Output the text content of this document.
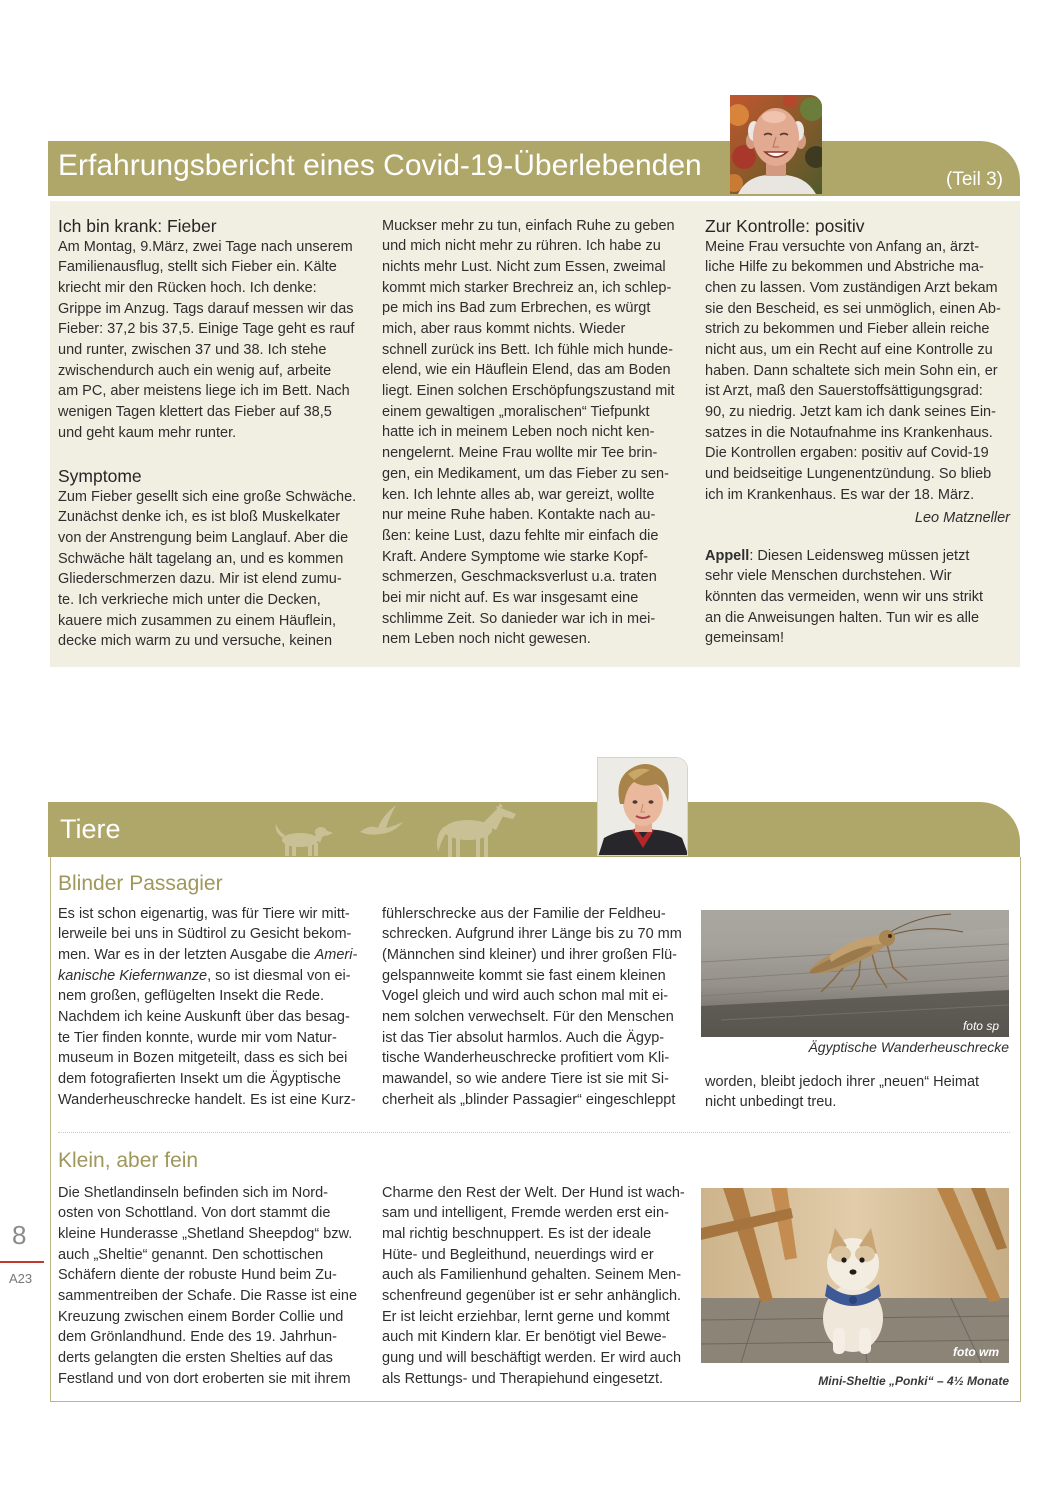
Erfahrungsbericht eines Covid-19-Überlebenden	(Teil 3)
Ich bin krank: Fieber
Am Montag, 9.März, zwei Tage nach unserem
Familienausflug, stellt sich Fieber ein. Kälte
kriecht mir den Rücken hoch. Ich denke:
Grippe im Anzug. Tags darauf messen wir das
Fieber: 37,2 bis 37,5. Einige Tage geht es rauf
und runter, zwischen 37 und 38. Ich stehe
zwischendurch auch ein wenig auf, arbeite
am PC, aber meistens liege ich im Bett. Nach
wenigen Tagen klettert das Fieber auf 38,5
und geht kaum mehr runter.
Symptome
Zum Fieber gesellt sich eine große Schwäche.
Zunächst denke ich, es ist bloß Muskelkater
von der Anstrengung beim Langlauf. Aber die
Schwäche hält tagelang an, und es kommen
Gliederschmerzen dazu. Mir ist elend zumu-
te. Ich verkrieche mich unter die Decken,
kauere mich zusammen zu einem Häuflein,
decke mich warm zu und versuche, keinen
Muckser mehr zu tun, einfach Ruhe zu geben
und mich nicht mehr zu rühren. Ich habe zu
nichts mehr Lust. Nicht zum Essen, zweimal
kommt mich starker Brechreiz an, ich schlep-
pe mich ins Bad zum Erbrechen, es würgt
mich, aber raus kommt nichts. Wieder
schnell zurück ins Bett. Ich fühle mich hunde-
elend, wie ein Häuflein Elend, das am Boden
liegt. Einen solchen Erschöpfungszustand mit
einem gewaltigen „moralischen“ Tiefpunkt
hatte ich in meinem Leben noch nicht ken-
nengelernt. Meine Frau wollte mir Tee brin-
gen, ein Medikament, um das Fieber zu sen-
ken. Ich lehnte alles ab, war gereizt, wollte
nur meine Ruhe haben. Kontakte nach au-
ßen: keine Lust, dazu fehlte mir einfach die
Kraft. Andere Symptome wie starke Kopf-
schmerzen, Geschmacksverlust u.a. traten
bei mir nicht auf. Es war insgesamt eine
schlimme Zeit. So danieder war ich in mei-
nem Leben noch nicht gewesen.
Zur Kontrolle: positiv
Meine Frau versuchte von Anfang an, ärzt-
liche Hilfe zu bekommen und Abstriche ma-
chen zu lassen. Vom zuständigen Arzt bekam
sie den Bescheid, es sei unmöglich, einen Ab-
strich zu bekommen und Fieber allein reiche
nicht aus, um ein Recht auf eine Kontrolle zu
haben. Dann schaltete sich mein Sohn ein, er
ist Arzt, maß den Sauerstoffsättigungsgrad:
90, zu niedrig. Jetzt kam ich dank seines Ein-
satzes in die Notaufnahme ins Krankenhaus.
Die Kontrollen ergaben: positiv auf Covid-19
und beidseitige Lungenentzündung. So blieb
ich im Krankenhaus. Es war der 18. März.
Leo Matzneller
Appell: Diesen Leidensweg müssen jetzt
sehr viele Menschen durchstehen. Wir
könnten das vermeiden, wenn wir uns strikt
an die Anweisungen halten. Tun wir es alle
gemeinsam!
Tiere
Blinder Passagier
Es ist schon eigenartig, was für Tiere wir mitt-
lerweile bei uns in Südtirol zu Gesicht bekom-
men. War es in der letzten Ausgabe die Ameri-
kanische Kiefernwanze, so ist diesmal von ei-
nem großen, geflügelten Insekt die Rede.
Nachdem ich keine Auskunft über das besag-
te Tier finden konnte, wurde mir vom Natur-
museum in Bozen mitgeteilt, dass es sich bei
dem fotografierten Insekt um die Ägyptische
Wanderheuschrecke handelt. Es ist eine Kurz-
fühlerschrecke aus der Familie der Feldheu-
schrecken. Aufgrund ihrer Länge bis zu 70 mm
(Männchen sind kleiner) und ihrer großen Flü-
gelspannweite kommt sie fast einem kleinen
Vogel gleich und wird auch schon mal mit ei-
nem solchen verwechselt. Für den Menschen
ist das Tier absolut harmlos. Auch die Ägyp-
tische Wanderheuschrecke profitiert vom Kli-
mawandel, so wie andere Tiere ist sie mit Si-
cherheit als „blinder Passagier“ eingeschleppt
foto sp
Ägyptische Wanderheuschrecke
worden, bleibt jedoch ihrer „neuen“ Heimat
nicht unbedingt treu.
Klein, aber fein
Die Shetlandinseln befinden sich im Nord-
osten von Schottland. Von dort stammt die
kleine Hunderasse „Shetland Sheepdog“ bzw.
auch „Sheltie“ genannt. Den schottischen
Schäfern diente der robuste Hund beim Zu-
sammentreiben der Schafe. Die Rasse ist eine
Kreuzung zwischen einem Border Collie und
dem Grönlandhund. Ende des 19. Jahrhun-
derts gelangten die ersten Shelties auf das
Festland und von dort eroberten sie mit ihrem
Charme den Rest der Welt. Der Hund ist wach-
sam und intelligent, Fremde werden erst ein-
mal richtig beschnuppert. Es ist der ideale
Hüte- und Begleithund, neuerdings wird er
auch als Familienhund gehalten. Seinem Men-
schenfreund gegenüber ist er sehr anhänglich.
Er ist leicht erziehbar, lernt gerne und kommt
auch mit Kindern klar. Er benötigt viel Bewe-
gung und will beschäftigt werden. Er wird auch
als Rettungs- und Therapiehund eingesetzt.
foto wm
Mini-Sheltie „Ponki“ – 4½ Monate
8
A23
